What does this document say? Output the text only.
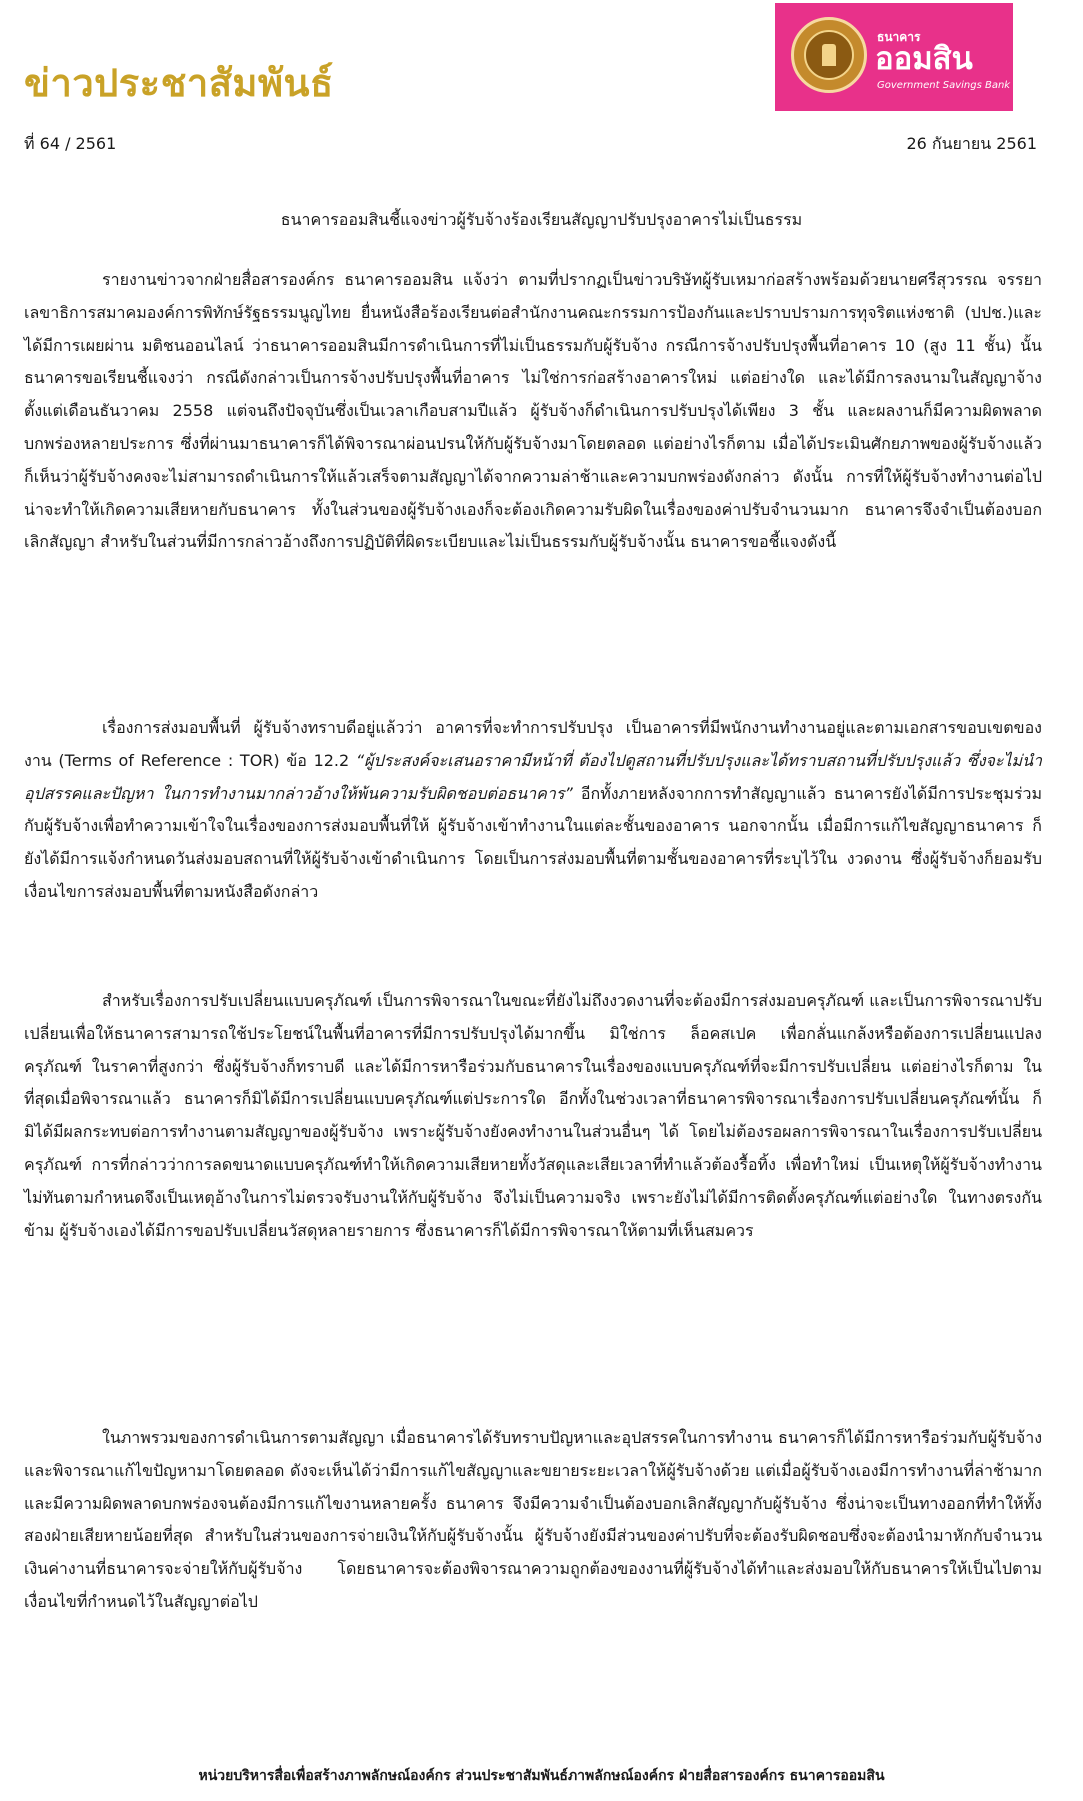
ข่าวประชาสัมพันธ์
ธนาคาร
ออมสิน
Government Savings Bank
ที่ 64 / 2561	26 กันยายน 2561
ธนาคารออมสินชี้แจงข่าวผู้รับจ้างร้องเรียนสัญญาปรับปรุงอาคารไม่เป็นธรรม

รายงานข่าวจากฝ่ายสื่อสารองค์กร ธนาคารออมสิน แจ้งว่า ตามที่ปรากฏเป็นข่าวบริษัทผู้รับเหมาก่อสร้างพร้อมด้วยนายศรีสุวรรณ จรรยา เลขาธิการสมาคมองค์การพิทักษ์รัฐธรรมนูญไทย ยื่นหนังสือร้องเรียนต่อสำนักงานคณะกรรมการป้องกันและปราบปรามการทุจริตแห่งชาติ (ปปช.)และได้มีการเผยผ่าน มติชนออนไลน์ ว่าธนาคารออมสินมีการดำเนินการที่ไม่เป็นธรรมกับผู้รับจ้าง กรณีการจ้างปรับปรุงพื้นที่อาคาร 10 (สูง 11 ชั้น) นั้น ธนาคารขอเรียนชี้แจงว่า กรณีดังกล่าวเป็นการจ้างปรับปรุงพื้นที่อาคาร ไม่ใช่การก่อสร้างอาคารใหม่ แต่อย่างใด และได้มีการลงนามในสัญญาจ้างตั้งแต่เดือนธันวาคม 2558 แต่จนถึงปัจจุบันซึ่งเป็นเวลาเกือบสามปีแล้ว ผู้รับจ้างก็ดำเนินการปรับปรุงได้เพียง 3 ชั้น และผลงานก็มีความผิดพลาดบกพร่องหลายประการ ซึ่งที่ผ่านมาธนาคารก็ได้พิจารณาผ่อนปรนให้กับผู้รับจ้างมาโดยตลอด แต่อย่างไรก็ตาม เมื่อได้ประเมินศักยภาพของผู้รับจ้างแล้วก็เห็นว่าผู้รับจ้างคงจะไม่สามารถดำเนินการให้แล้วเสร็จตามสัญญาได้จากความล่าช้าและความบกพร่องดังกล่าว ดังนั้น การที่ให้ผู้รับจ้างทำงานต่อไปน่าจะทำให้เกิดความเสียหายกับธนาคาร ทั้งในส่วนของผู้รับจ้างเองก็จะต้องเกิดความรับผิดในเรื่องของค่าปรับจำนวนมาก ธนาคารจึงจำเป็นต้องบอกเลิกสัญญา สำหรับในส่วนที่มีการกล่าวอ้างถึงการปฏิบัติที่ผิดระเบียบและไม่เป็นธรรมกับผู้รับจ้างนั้น ธนาคารขอชี้แจงดังนี้

เรื่องการส่งมอบพื้นที่ ผู้รับจ้างทราบดีอยู่แล้วว่า อาคารที่จะทำการปรับปรุง เป็นอาคารที่มีพนักงานทำงานอยู่และตามเอกสารขอบเขตของงาน (Terms of Reference : TOR) ข้อ 12.2 “ผู้ประสงค์จะเสนอราคามีหน้าที่ ต้องไปดูสถานที่ปรับปรุงและได้ทราบสถานที่ปรับปรุงแล้ว ซึ่งจะไม่นำอุปสรรคและปัญหา ในการทำงานมากล่าวอ้างให้พ้นความรับผิดชอบต่อธนาคาร” อีกทั้งภายหลังจากการทำสัญญาแล้ว ธนาคารยังได้มีการประชุมร่วมกับผู้รับจ้างเพื่อทำความเข้าใจในเรื่องของการส่งมอบพื้นที่ให้ ผู้รับจ้างเข้าทำงานในแต่ละชั้นของอาคาร นอกจากนั้น เมื่อมีการแก้ไขสัญญาธนาคาร ก็ยังได้มีการแจ้งกำหนดวันส่งมอบสถานที่ให้ผู้รับจ้างเข้าดำเนินการ โดยเป็นการส่งมอบพื้นที่ตามชั้นของอาคารที่ระบุไว้ใน งวดงาน ซึ่งผู้รับจ้างก็ยอมรับเงื่อนไขการส่งมอบพื้นที่ตามหนังสือดังกล่าว

สำหรับเรื่องการปรับเปลี่ยนแบบครุภัณฑ์ เป็นการพิจารณาในขณะที่ยังไม่ถึงงวดงานที่จะต้องมีการส่งมอบครุภัณฑ์ และเป็นการพิจารณาปรับเปลี่ยนเพื่อให้ธนาคารสามารถใช้ประโยชน์ในพื้นที่อาคารที่มีการปรับปรุงได้มากขึ้น มิใช่การ ล็อคสเปค เพื่อกลั่นแกล้งหรือต้องการเปลี่ยนแปลงครุภัณฑ์ ในราคาที่สูงกว่า ซึ่งผู้รับจ้างก็ทราบดี และได้มีการหารือร่วมกับธนาคารในเรื่องของแบบครุภัณฑ์ที่จะมีการปรับเปลี่ยน แต่อย่างไรก็ตาม ในที่สุดเมื่อพิจารณาแล้ว ธนาคารก็มิได้มีการเปลี่ยนแบบครุภัณฑ์แต่ประการใด อีกทั้งในช่วงเวลาที่ธนาคารพิจารณาเรื่องการปรับเปลี่ยนครุภัณฑ์นั้น ก็มิได้มีผลกระทบต่อการทำงานตามสัญญาของผู้รับจ้าง เพราะผู้รับจ้างยังคงทำงานในส่วนอื่นๆ ได้ โดยไม่ต้องรอผลการพิจารณาในเรื่องการปรับเปลี่ยนครุภัณฑ์ การที่กล่าวว่าการลดขนาดแบบครุภัณฑ์ทำให้เกิดความเสียหายทั้งวัสดุและเสียเวลาที่ทำแล้วต้องรื้อทิ้ง เพื่อทำใหม่ เป็นเหตุให้ผู้รับจ้างทำงานไม่ทันตามกำหนดจึงเป็นเหตุอ้างในการไม่ตรวจรับงานให้กับผู้รับจ้าง จึงไม่เป็นความจริง เพราะยังไม่ได้มีการติดตั้งครุภัณฑ์แต่อย่างใด ในทางตรงกันข้าม ผู้รับจ้างเองได้มีการขอปรับเปลี่ยนวัสดุหลายรายการ ซึ่งธนาคารก็ได้มีการพิจารณาให้ตามที่เห็นสมควร

ในภาพรวมของการดำเนินการตามสัญญา เมื่อธนาคารได้รับทราบปัญหาและอุปสรรคในการทำงาน ธนาคารก็ได้มีการหารือร่วมกับผู้รับจ้างและพิจารณาแก้ไขปัญหามาโดยตลอด ดังจะเห็นได้ว่ามีการแก้ไขสัญญาและขยายระยะเวลาให้ผู้รับจ้างด้วย แต่เมื่อผู้รับจ้างเองมีการทำงานที่ล่าช้ามากและมีความผิดพลาดบกพร่องจนต้องมีการแก้ไขงานหลายครั้ง ธนาคาร จึงมีความจำเป็นต้องบอกเลิกสัญญากับผู้รับจ้าง ซึ่งน่าจะเป็นทางออกที่ทำให้ทั้งสองฝ่ายเสียหายน้อยที่สุด สำหรับในส่วนของการจ่ายเงินให้กับผู้รับจ้างนั้น ผู้รับจ้างยังมีส่วนของค่าปรับที่จะต้องรับผิดชอบซึ่งจะต้องนำมาหักกับจำนวนเงินค่างานที่ธนาคารจะจ่ายให้กับผู้รับจ้าง โดยธนาคารจะต้องพิจารณาความถูกต้องของงานที่ผู้รับจ้างได้ทำและส่งมอบให้กับธนาคารให้เป็นไปตามเงื่อนไขที่กำหนดไว้ในสัญญาต่อไป

หน่วยบริหารสื่อเพื่อสร้างภาพลักษณ์องค์กร ส่วนประชาสัมพันธ์ภาพลักษณ์องค์กร ฝ่ายสื่อสารองค์กร ธนาคารออมสิน
